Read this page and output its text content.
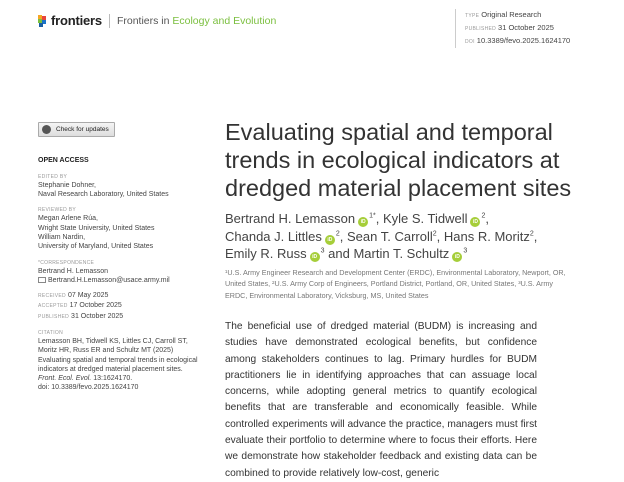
frontiers Frontiers in Ecology and Evolution	TYPE Original Research
PUBLISHED 31 October 2025
DOI 10.3389/fevo.2025.1624170
Check for updates
OPEN ACCESS
EDITED BY
Stephanie Dohner,
Naval Research Laboratory, United States
REVIEWED BY
Megan Arlene Rúa,
Wright State University, United States
William Nardin,
University of Maryland, United States
*CORRESPONDENCE
Bertrand H. Lemasson
Bertrand.H.Lemasson@usace.army.mil
RECEIVED 07 May 2025
ACCEPTED 17 October 2025
PUBLISHED 31 October 2025
CITATION
Lemasson BH, Tidwell KS, Littles CJ, Carroll ST, Moritz HR, Russ ER and Schultz MT (2025) Evaluating spatial and temporal trends in ecological indicators at dredged material placement sites. Front. Ecol. Evol. 13:1624170.
doi: 10.3389/fevo.2025.1624170
Evaluating spatial and temporal trends in ecological indicators at dredged material placement sites
Bertrand H. Lemasson $iD^{1*}$, Kyle S. Tidwell $iD^2$,
Chanda J. Littles $iD^2$, Sean T. Carroll$^2$, Hans R. Moritz$^2$,
Emily R. Russ $iD^3$ and Martin T. Schultz $iD^3$
¹U.S. Army Engineer Research and Development Center (ERDC), Environmental Laboratory, Newport, OR, United States, ²U.S. Army Corp of Engineers, Portland District, Portland, OR, United States, ³U.S. Army ERDC, Environmental Laboratory, Vicksburg, MS, United States
The beneficial use of dredged material (BUDM) is increasing and studies have demonstrated ecological benefits, but confidence among stakeholders continues to lag. Primary hurdles for BUDM practitioners lie in identifying approaches that can assuage local concerns, while adopting general metrics to quantify ecological benefits that are transferable and economically feasible. While controlled experiments will advance the practice, managers must first evaluate their portfolio to determine where to focus their efforts. Here we demonstrate how stakeholder feedback and existing data can be combined to provide relatively low-cost, generic
